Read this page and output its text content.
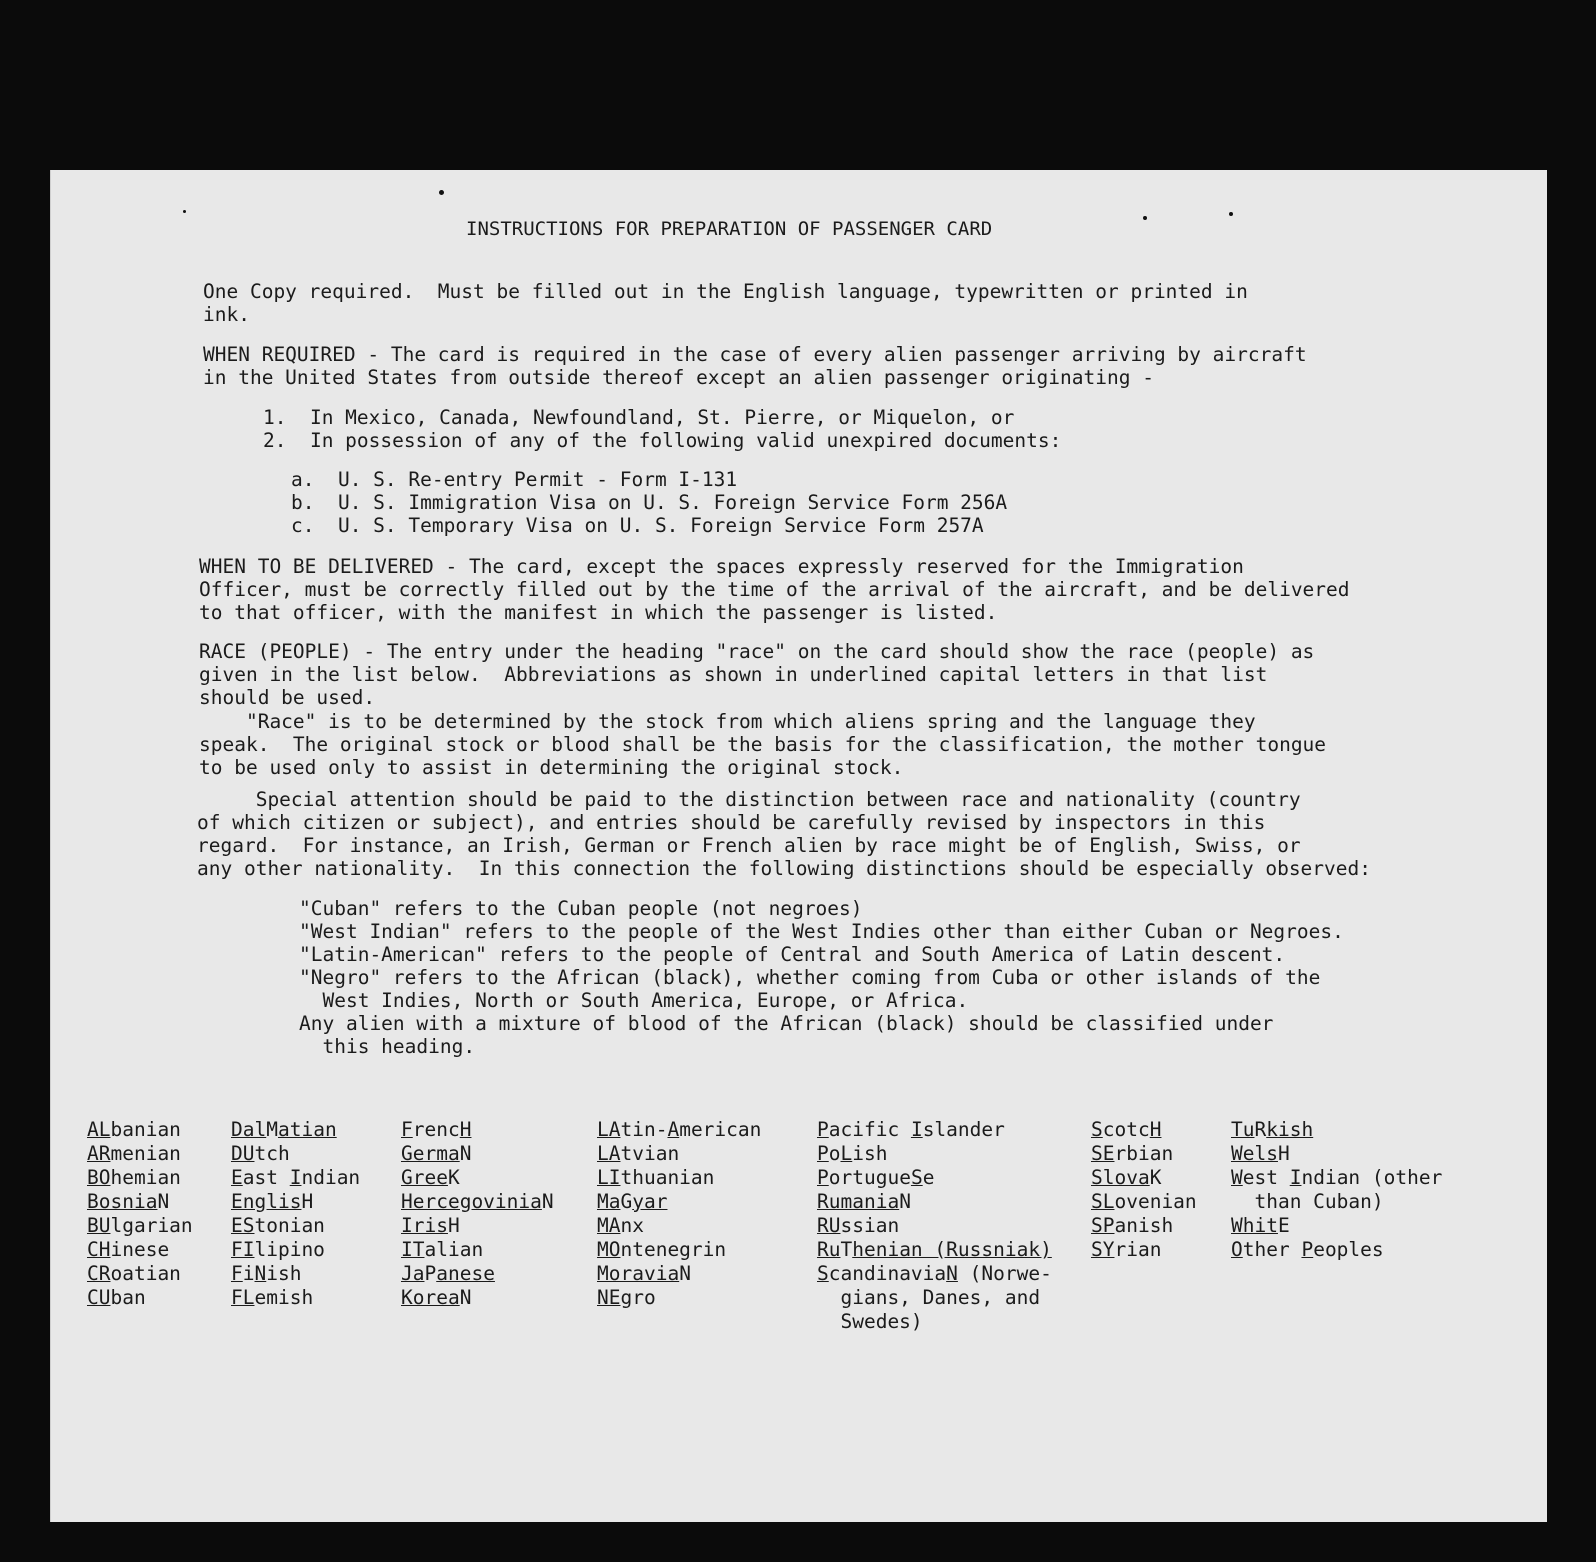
INSTRUCTIONS FOR PREPARATION OF PASSENGER CARD

One Copy required.  Must be filled out in the English language, typewritten or printed in
ink.

WHEN REQUIRED - The card is required in the case of every alien passenger arriving by aircraft
in the United States from outside thereof except an alien passenger originating -

1.  In Mexico, Canada, Newfoundland, St. Pierre, or Miquelon, or
2.  In possession of any of the following valid unexpired documents:

a.  U. S. Re-entry Permit - Form I-131
b.  U. S. Immigration Visa on U. S. Foreign Service Form 256A
c.  U. S. Temporary Visa on U. S. Foreign Service Form 257A

WHEN TO BE DELIVERED - The card, except the spaces expressly reserved for the Immigration
Officer, must be correctly filled out by the time of the arrival of the aircraft, and be delivered
to that officer, with the manifest in which the passenger is listed.

RACE (PEOPLE) - The entry under the heading "race" on the card should show the race (people) as
given in the list below.  Abbreviations as shown in underlined capital letters in that list
should be used.

"Race" is to be determined by the stock from which aliens spring and the language they
speak.  The original stock or blood shall be the basis for the classification, the mother tongue
to be used only to assist in determining the original stock.

Special attention should be paid to the distinction between race and nationality (country
of which citizen or subject), and entries should be carefully revised by inspectors in this
regard.  For instance, an Irish, German or French alien by race might be of English, Swiss, or
any other nationality.  In this connection the following distinctions should be especially observed:

"Cuban" refers to the Cuban people (not negroes)
"West Indian" refers to the people of the West Indies other than either Cuban or Negroes.
"Latin-American" refers to the people of Central and South America of Latin descent.
"Negro" refers to the African (black), whether coming from Cuba or other islands of the
West Indies, North or South America, Europe, or Africa.
Any alien with a mixture of blood of the African (black) should be classified under
this heading.

ALbanian
ARmenian
BOhemian
BosniaN
BUlgarian
CHinese
CRoatian
CUban
DalMatian
DUtch
East Indian
EnglisH
EStonian
FIlipino
FiNish
FLemish
FrencH
GermaN
GreeK
HercegoviniaN
IrisH
ITalian
JaPanese
KoreaN
LAtin-American
LAtvian
LIthuanian
MaGyar
MAnx
MOntenegrin
MoraviaN
NEgro
Pacific Islander
PoLish
PortugueSe
RumaniaN
RUssian
RuThenian (Russniak)
ScandinaviaN (Norwe-
gians, Danes, and
Swedes)
ScotcH
SErbian
SlovaK
SLovenian
SPanish
SYrian
TuRkish
WelsH
West Indian (other
than Cuban)
WhitE
Other Peoples
